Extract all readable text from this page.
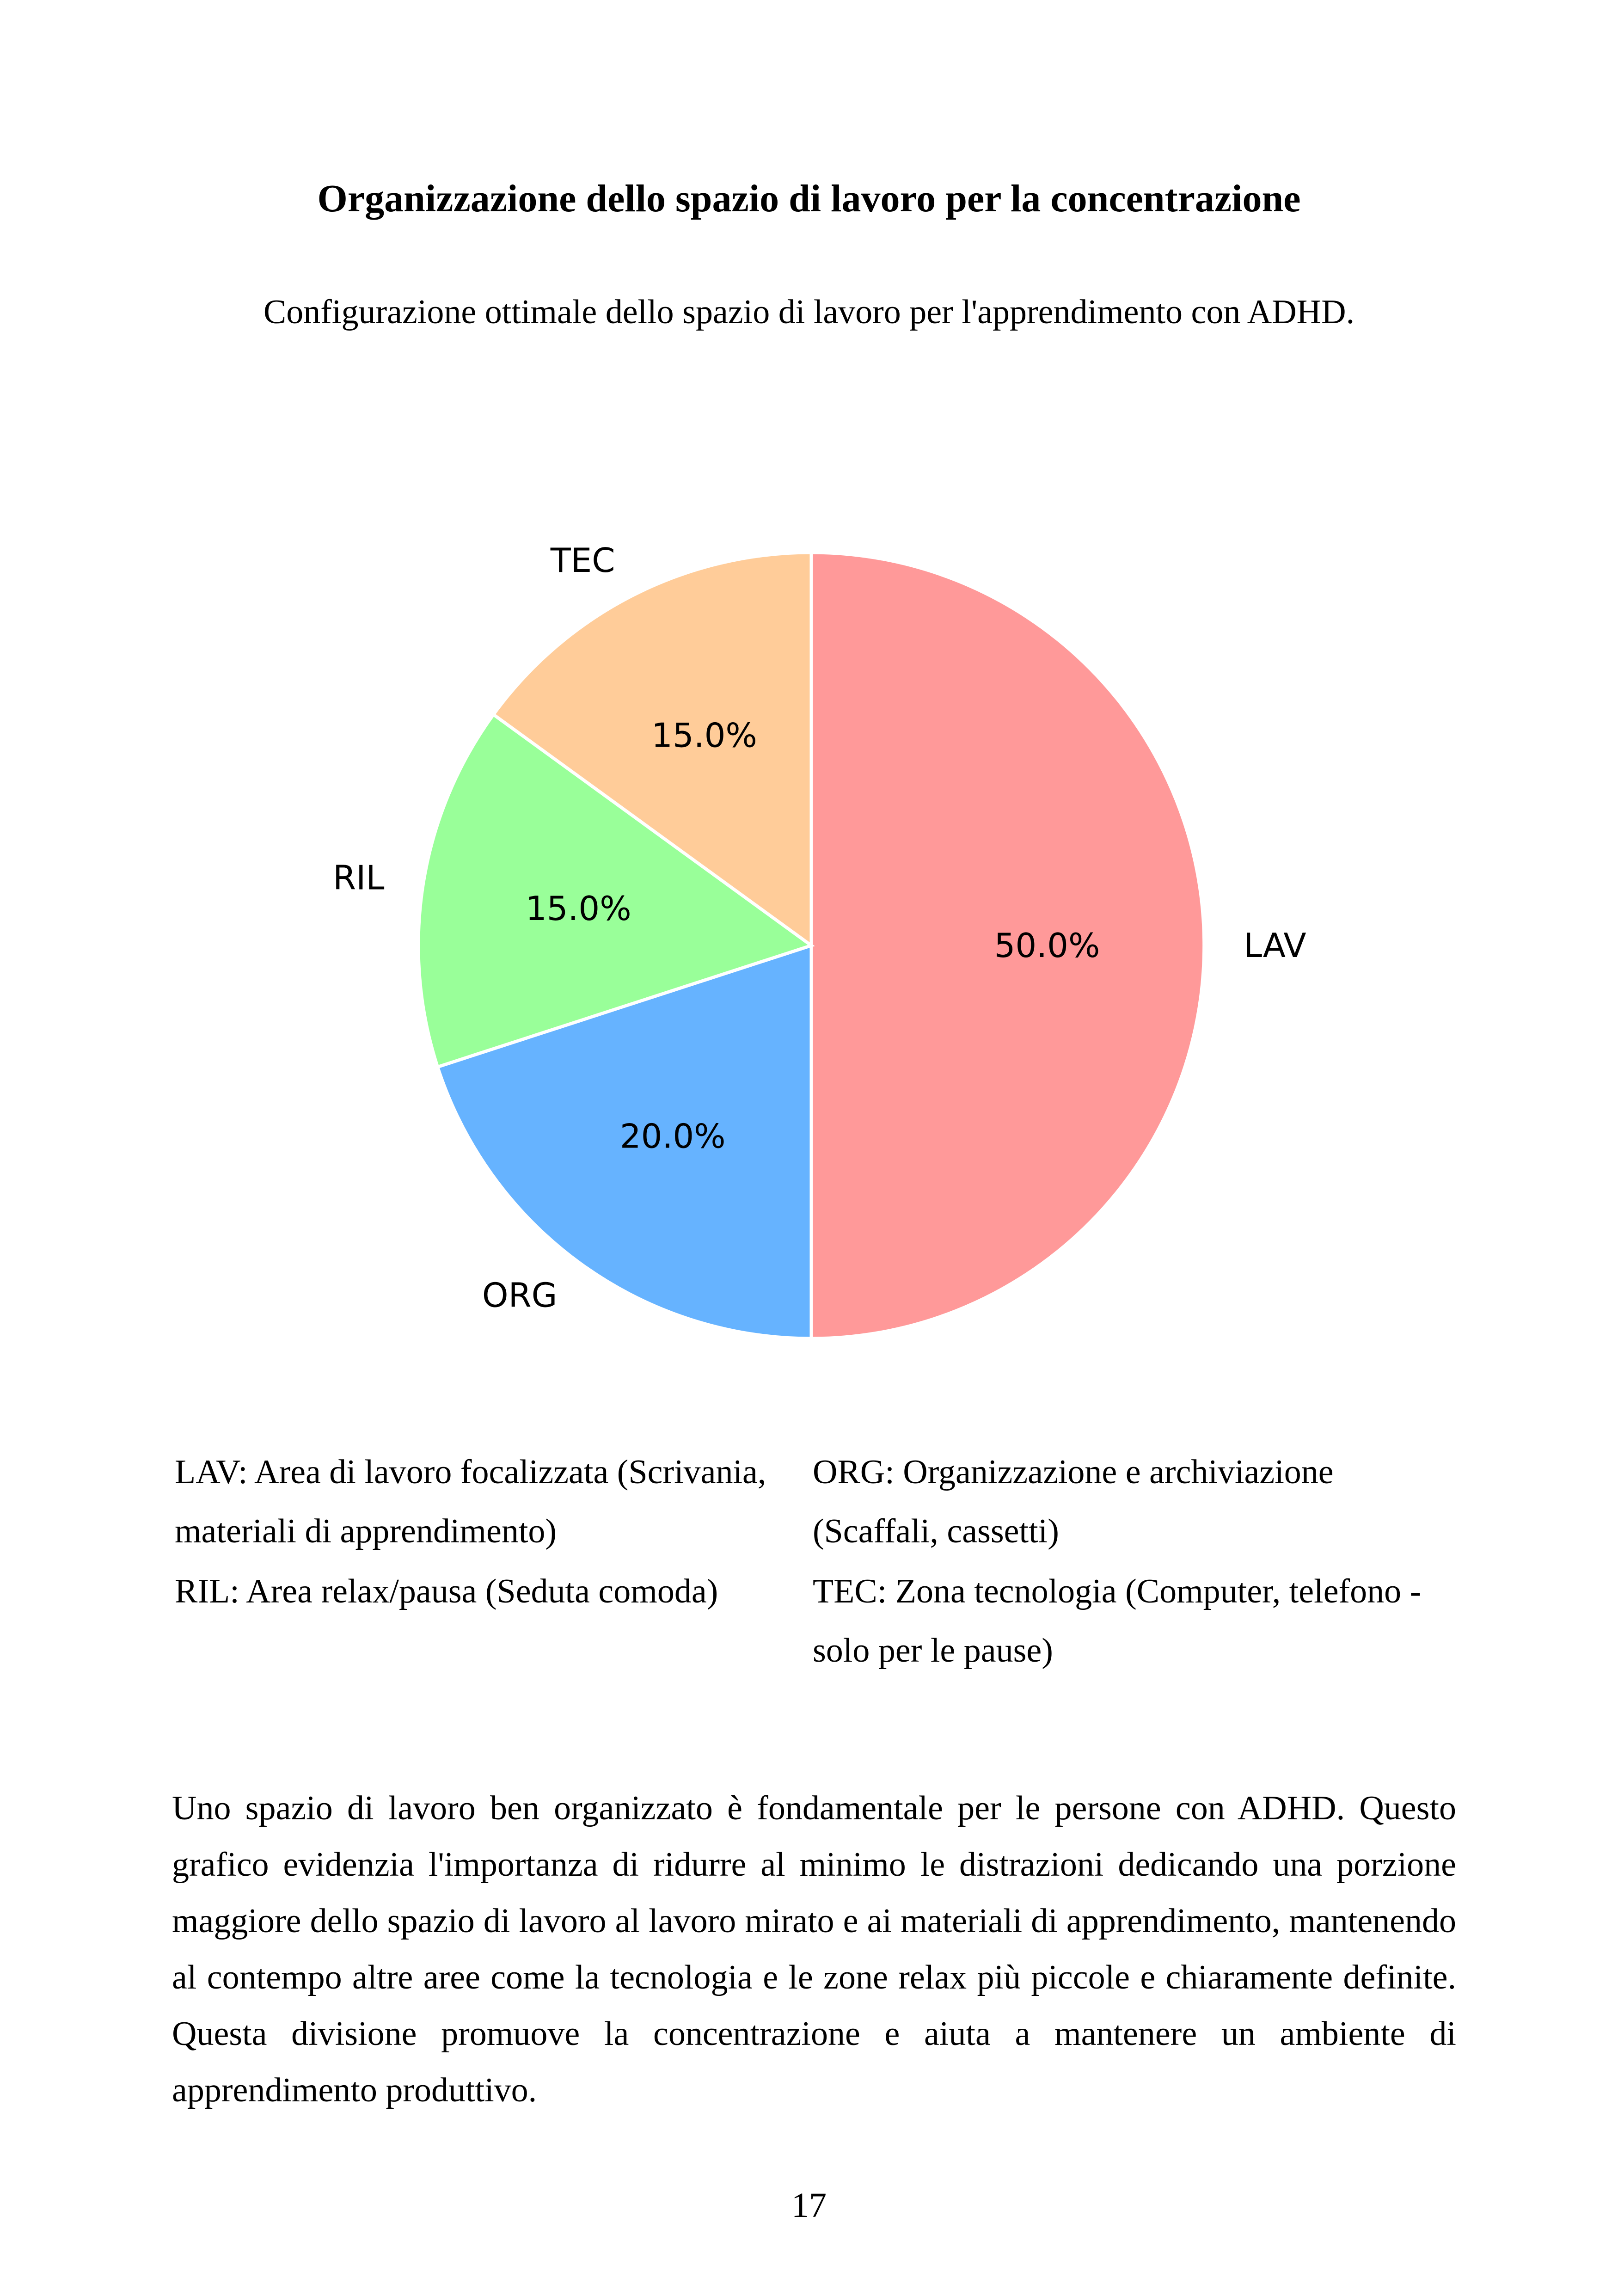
Organizzazione dello spazio di lavoro per la concentrazione

Configurazione ottimale dello spazio di lavoro per l'apprendimento con ADHD.

50.0%	LAV
20.0%
ORG
15.0%
RIL
15.0%
TEC

LAV: Area di lavoro focalizzata (Scrivania, materiali di apprendimento)

ORG: Organizzazione e archiviazione (Scaffali, cassetti)

RIL: Area relax/pausa (Seduta comoda)	TEC: Zona tecnologia (Computer, telefono - solo per le pause)

Uno spazio di lavoro ben organizzato è fondamentale per le persone con ADHD. Questo grafico evidenzia l'importanza di ridurre al minimo le distrazioni dedicando una porzione maggiore dello spazio di lavoro al lavoro mirato e ai materiali di apprendimento, mantenendo al contempo altre aree come la tecnologia e le zone relax più piccole e chiaramente definite. Questa divisione promuove la concentrazione e aiuta a mantenere un ambiente di apprendimento produttivo.

17
